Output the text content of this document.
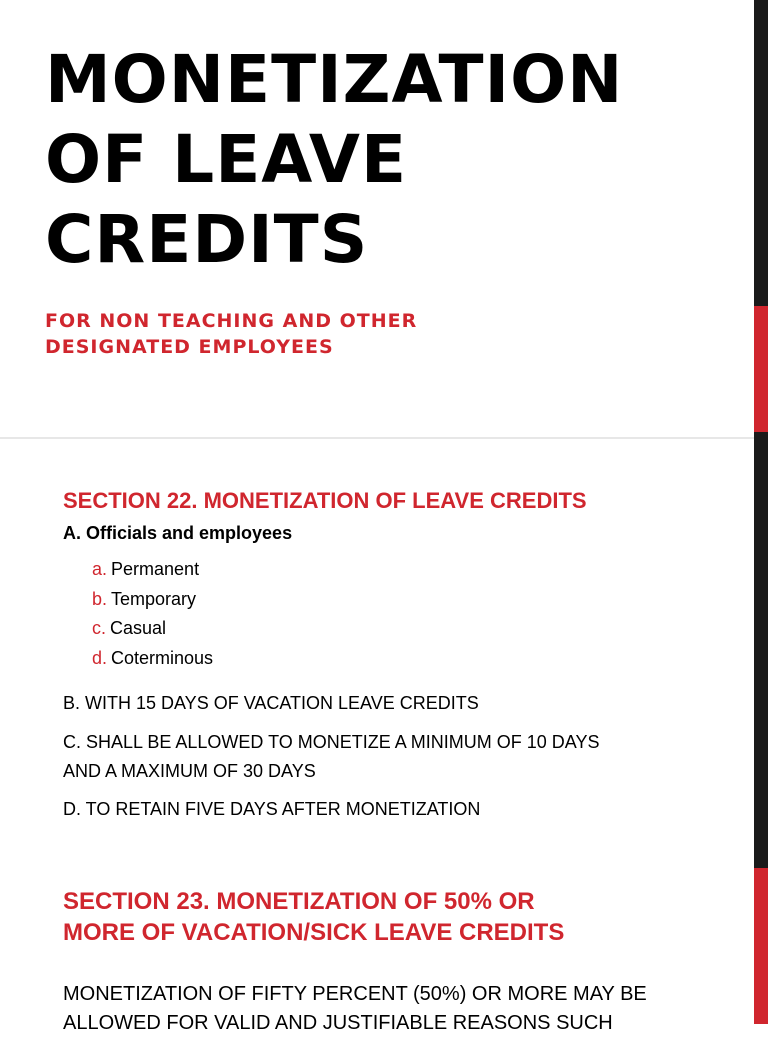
MONETIZATION
OF LEAVE
CREDITS

FOR NON TEACHING AND OTHER
DESIGNATED EMPLOYEES

SECTION 22. MONETIZATION OF LEAVE CREDITS

A. Officials and employees

a. Permanent
b. Temporary
c. Casual
d. Coterminous

B. WITH 15 DAYS OF VACATION LEAVE CREDITS

C. SHALL BE ALLOWED TO MONETIZE A MINIMUM OF 10 DAYS
AND A MAXIMUM OF 30 DAYS

D. TO RETAIN FIVE DAYS AFTER MONETIZATION

SECTION 23. MONETIZATION OF 50% OR
MORE OF VACATION/SICK LEAVE CREDITS

MONETIZATION OF FIFTY PERCENT (50%) OR MORE MAY BE
ALLOWED FOR VALID AND JUSTIFIABLE REASONS SUCH
